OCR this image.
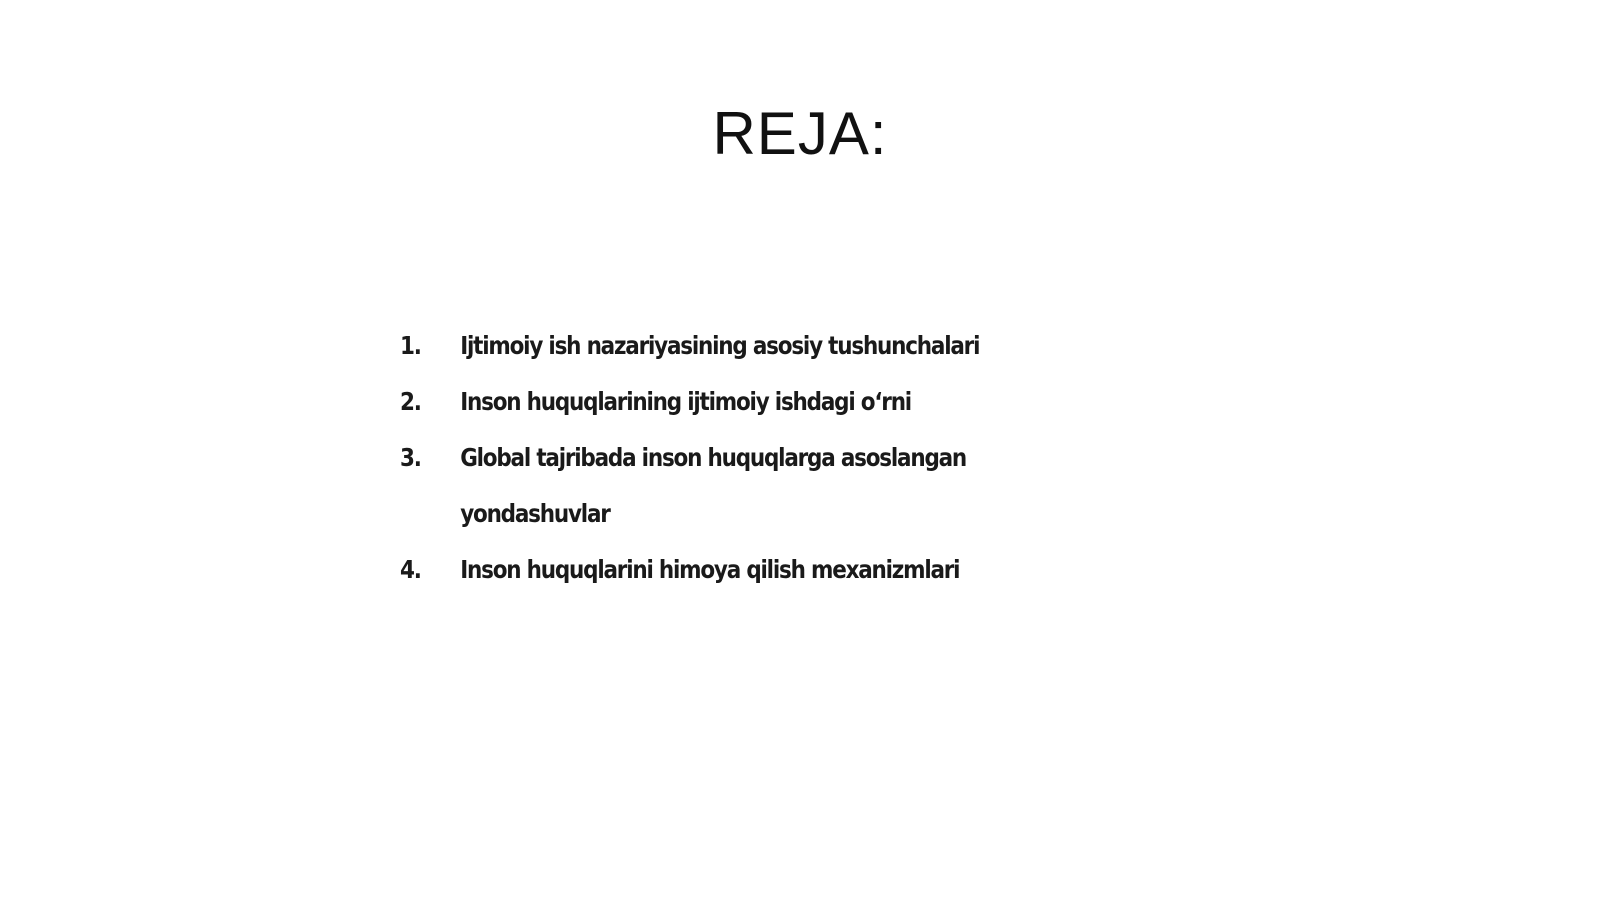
REJA:
1.	Ijtimoiy ish nazariyasining asosiy tushunchalari
2.	Inson huquqlarining ijtimoiy ishdagi o‘rni
3.	Global tajribada inson huquqlarga asoslangan yondashuvlar
4.	Inson huquqlarini himoya qilish mexanizmlari
